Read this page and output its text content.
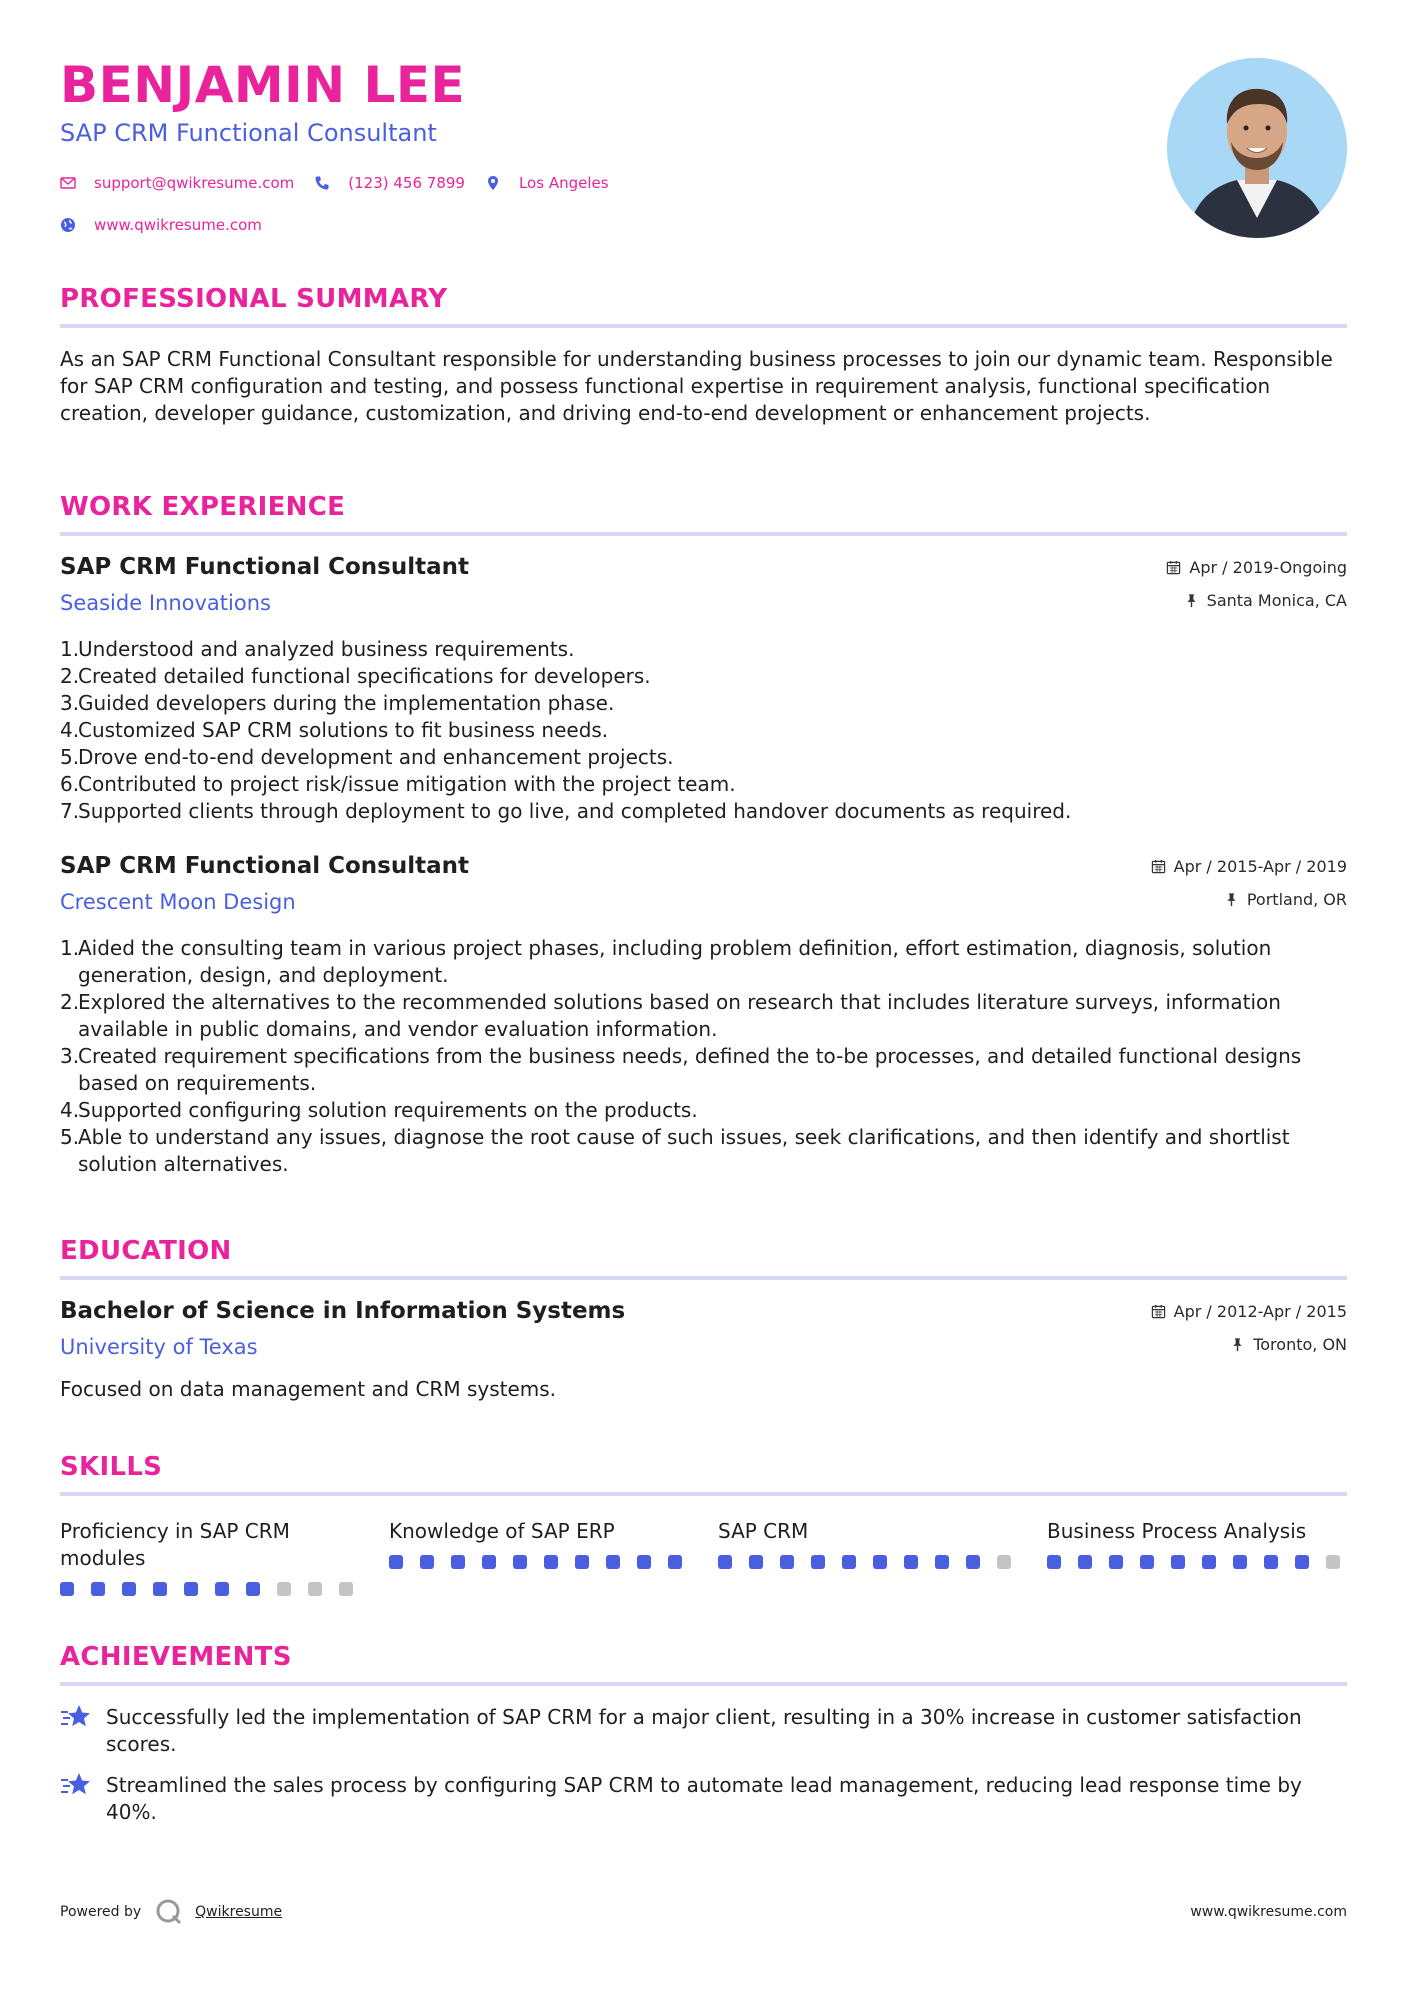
BENJAMIN LEE
SAP CRM Functional Consultant
support@qwikresume.com	(123) 456 7899	Los Angeles
www.qwikresume.com
PROFESSIONAL SUMMARY
As an SAP CRM Functional Consultant responsible for understanding business processes to join our dynamic team. Responsible for SAP CRM configuration and testing, and possess functional expertise in requirement analysis, functional specification creation, developer guidance, customization, and driving end-to-end development or enhancement projects.
WORK EXPERIENCE
SAP CRM Functional Consultant
Seaside Innovations
Apr / 2019-Ongoing
Santa Monica, CA
Understood and analyzed business requirements.
Created detailed functional specifications for developers.
Guided developers during the implementation phase.
Customized SAP CRM solutions to fit business needs.
Drove end-to-end development and enhancement projects.
Contributed to project risk/issue mitigation with the project team.
Supported clients through deployment to go live, and completed handover documents as required.
SAP CRM Functional Consultant
Crescent Moon Design
Apr / 2015-Apr / 2019
Portland, OR
Aided the consulting team in various project phases, including problem definition, effort estimation, diagnosis, solution generation, design, and deployment.
Explored the alternatives to the recommended solutions based on research that includes literature surveys, information available in public domains, and vendor evaluation information.
Created requirement specifications from the business needs, defined the to-be processes, and detailed functional designs based on requirements.
Supported configuring solution requirements on the products.
Able to understand any issues, diagnose the root cause of such issues, seek clarifications, and then identify and shortlist solution alternatives.
EDUCATION
Bachelor of Science in Information Systems
University of Texas
Apr / 2012-Apr / 2015
Toronto, ON
Focused on data management and CRM systems.
SKILLS
Proficiency in SAP CRM modules
Knowledge of SAP ERP	SAP CRM	Business Process Analysis
ACHIEVEMENTS
Successfully led the implementation of SAP CRM for a major client, resulting in a 30% increase in customer satisfaction scores.
Streamlined the sales process by configuring SAP CRM to automate lead management, reducing lead response time by 40%.
Powered by	Qwikresume	www.qwikresume.com
